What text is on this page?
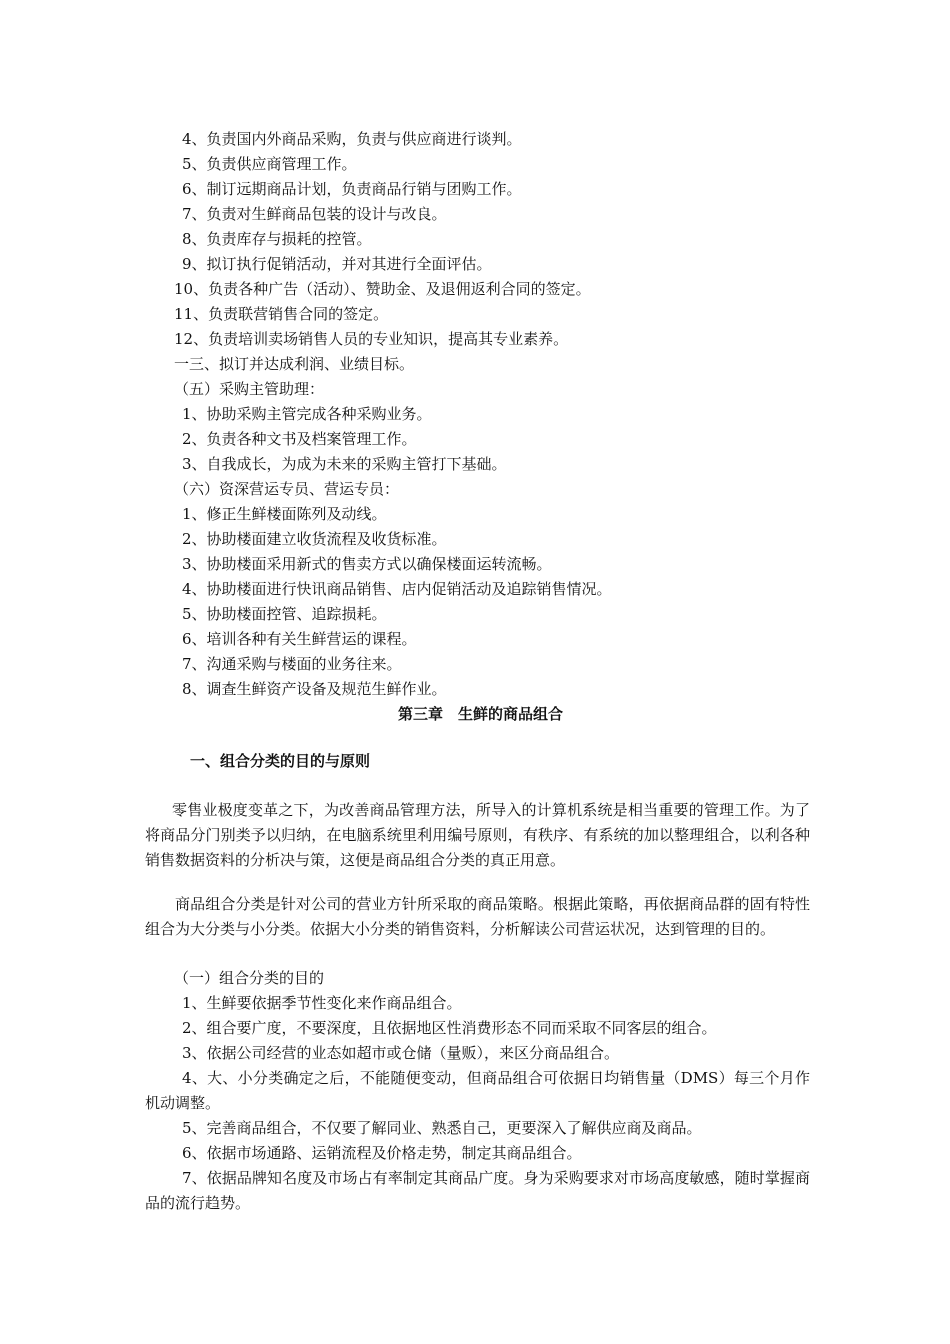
4、负责国内外商品采购，负责与供应商进行谈判。
5、负责供应商管理工作。
6、制订远期商品计划，负责商品行销与团购工作。
7、负责对生鲜商品包装的设计与改良。
8、负责库存与损耗的控管。
9、拟订执行促销活动，并对其进行全面评估。
10、负责各种广告（活动）、赞助金、及退佣返利合同的签定。
11、负责联营销售合同的签定。
12、负责培训卖场销售人员的专业知识，提高其专业素养。
一三、拟订并达成利润、业绩目标。
（五）采购主管助理：
1、协助采购主管完成各种采购业务。
2、负责各种文书及档案管理工作。
3、自我成长，为成为未来的采购主管打下基础。
（六）资深营运专员、营运专员：
1、修正生鲜楼面陈列及动线。
2、协助楼面建立收货流程及收货标准。
3、协助楼面采用新式的售卖方式以确保楼面运转流畅。
4、协助楼面进行快讯商品销售、店内促销活动及追踪销售情况。
5、协助楼面控管、追踪损耗。
6、培训各种有关生鲜营运的课程。
7、沟通采购与楼面的业务往来。
8、调查生鲜资产设备及规范生鲜作业。
第三章　生鲜的商品组合
一、组合分类的目的与原则
零售业极度变革之下，为改善商品管理方法，所导入的计算机系统是相当重要的管理工作。为了将商品分门别类予以归纳，在电脑系统里利用编号原则，有秩序、有系统的加以整理组合，以利各种销售数据资料的分析决与策，这便是商品组合分类的真正用意。
商品组合分类是针对公司的营业方针所采取的商品策略。根据此策略，再依据商品群的固有特性组合为大分类与小分类。依据大小分类的销售资料，分析解读公司营运状况，达到管理的目的。
（一）组合分类的目的
1、生鲜要依据季节性变化来作商品组合。
2、组合要广度，不要深度，且依据地区性消费形态不同而采取不同客层的组合。
3、依据公司经营的业态如超市或仓储（量贩），来区分商品组合。
4、大、小分类确定之后，不能随便变动，但商品组合可依据日均销售量（DMS）每三个月作机动调整。
5、完善商品组合，不仅要了解同业、熟悉自己，更要深入了解供应商及商品。
6、依据市场通路、运销流程及价格走势，制定其商品组合。
7、依据品牌知名度及市场占有率制定其商品广度。身为采购要求对市场高度敏感，随时掌握商品的流行趋势。
